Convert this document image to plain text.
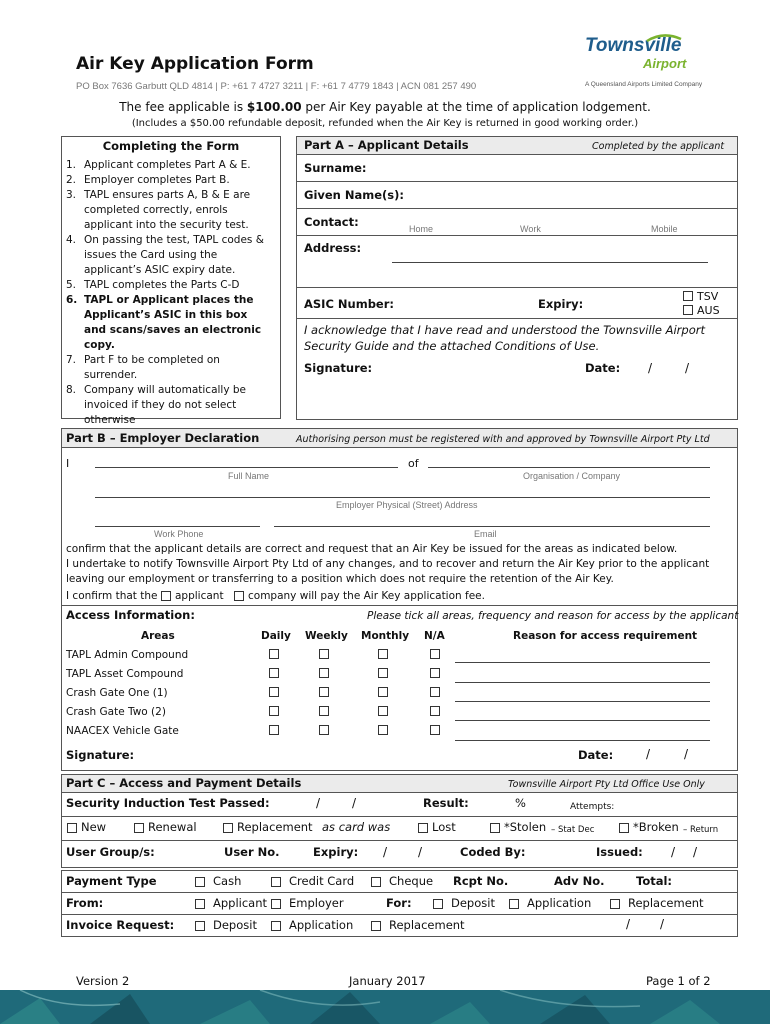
Air Key Application Form
PO Box 7636 Garbutt QLD 4814 | P: +61 7 4727 3211 | F: +61 7 4779 1843 | ACN 081 257 490
Townsville
Airport
A Queensland Airports Limited Company
The fee applicable is $100.00 per Air Key payable at the time of application lodgement.
(Includes a $50.00 refundable deposit, refunded when the Air Key is returned in good working order.)
Completing the Form
1. Applicant completes Part A & E.
2. Employer completes Part B.
3. TAPL ensures parts A, B & E are completed correctly, enrols applicant into the security test.
4. On passing the test, TAPL codes & issues the Card using the applicant’s ASIC expiry date.
5. TAPL completes the Parts C-D
6. TAPL or Applicant places the Applicant’s ASIC in this box and scans/saves an electronic copy.
7. Part F to be completed on surrender.
8. Company will automatically be invoiced if they do not select otherwise
Part A – Applicant Details	Completed by the applicant
Surname:
Given Name(s):
Contact:	Home	Work	Mobile
Address:
ASIC Number:	Expiry:
TSV
AUS
I acknowledge that I have read and understood the Townsville Airport
Security Guide and the attached Conditions of Use.
Signature:	Date: /	/
Part B – Employer Declaration	Authorising person must be registered with and approved by Townsville Airport Pty Ltd
I	of
Full Name	Organisation / Company
Employer Physical (Street) Address
Work Phone	Email
confirm that the applicant details are correct and request that an Air Key be issued for the areas as indicated below.
I undertake to notify Townsville Airport Pty Ltd of any changes, and to recover and return the Air Key prior to the applicant
leaving our employment or transferring to a position which does not require the retention of the Air Key.
I confirm that the applicant company will pay the Air Key application fee.
Access Information:	Please tick all areas, frequency and reason for access by the applicant
Areas	Daily Weekly Monthly N/A	Reason for access requirement
TAPL Admin Compound
TAPL Asset Compound
Crash Gate One (1)
Crash Gate Two (2)
NAACEX Vehicle Gate
Signature:	Date:	/	/
Part C – Access and Payment Details	Townsville Airport Pty Ltd Office Use Only
Security Induction Test Passed:	/	/	Result:	%	Attempts:
New	Renewal	Replacement as card was	Lost	*Stolen – Stat Dec	*Broken – Return
User Group/s:	User No.	Expiry: /	/	Coded By:	Issued: / /
Payment Type	Cash	Credit Card	Cheque Rcpt No.	Adv No.	Total:
From:	Applicant Employer	For:	Deposit	Application	Replacement
Invoice Request:	Deposit	Application	Replacement	/ /
Version 2	January 2017	Page 1 of 2
